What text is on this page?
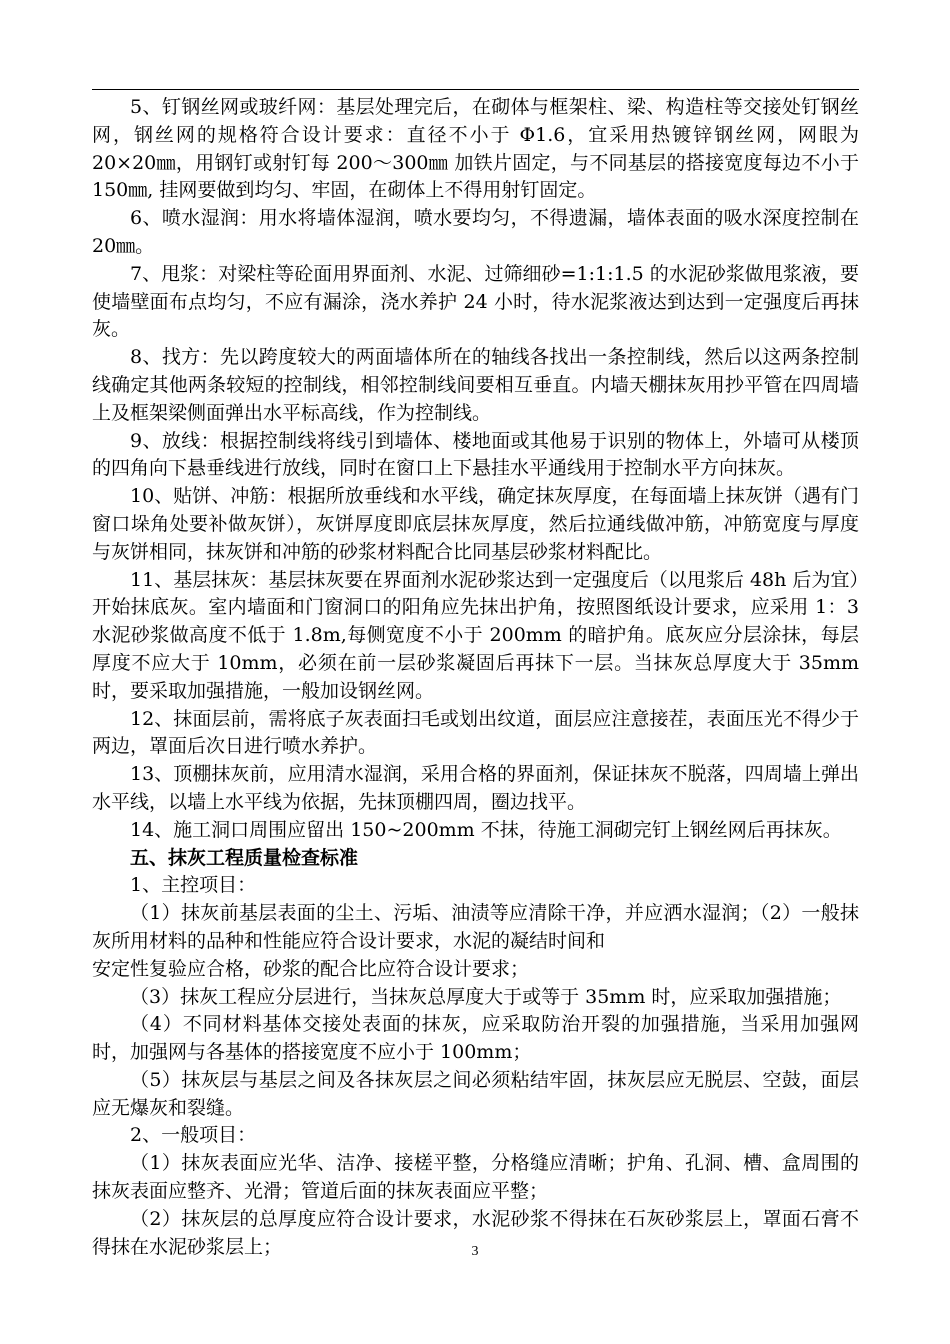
5、钉钢丝网或玻纤网：基层处理完后，在砌体与框架柱、梁、构造柱等交接处钉钢丝网，钢丝网的规格符合设计要求：直径不小于 Φ1.6，宜采用热镀锌钢丝网，网眼为 20×20㎜，用钢钉或射钉每 200～300㎜ 加铁片固定，与不同基层的搭接宽度每边不小于 150㎜, 挂网要做到均匀、牢固，在砌体上不得用射钉固定。

6、喷水湿润：用水将墙体湿润，喷水要均匀，不得遗漏，墙体表面的吸水深度控制在 20㎜。

7、甩浆：对梁柱等砼面用界面剂、水泥、过筛细砂=1:1:1.5 的水泥砂浆做甩浆液，要使墙壁面布点均匀，不应有漏涂，浇水养护 24 小时，待水泥浆液达到达到一定强度后再抹灰。

8、找方：先以跨度较大的两面墙体所在的轴线各找出一条控制线，然后以这两条控制线确定其他两条较短的控制线，相邻控制线间要相互垂直。内墙天棚抹灰用抄平管在四周墙上及框架梁侧面弹出水平标高线，作为控制线。

9、放线：根据控制线将线引到墙体、楼地面或其他易于识别的物体上，外墙可从楼顶的四角向下悬垂线进行放线，同时在窗口上下悬挂水平通线用于控制水平方向抹灰。

10、贴饼、冲筋：根据所放垂线和水平线，确定抹灰厚度，在每面墙上抹灰饼（遇有门窗口垛角处要补做灰饼），灰饼厚度即底层抹灰厚度，然后拉通线做冲筋，冲筋宽度与厚度与灰饼相同，抹灰饼和冲筋的砂浆材料配合比同基层砂浆材料配比。

11、基层抹灰：基层抹灰要在界面剂水泥砂浆达到一定强度后（以甩浆后 48h 后为宜）开始抹底灰。室内墙面和门窗洞口的阳角应先抹出护角，按照图纸设计要求，应采用 1：3 水泥砂浆做高度不低于 1.8m,每侧宽度不小于 200mm 的暗护角。底灰应分层涂抹，每层厚度不应大于 10mm，必须在前一层砂浆凝固后再抹下一层。当抹灰总厚度大于 35mm 时，要采取加强措施，一般加设钢丝网。

12、抹面层前，需将底子灰表面扫毛或划出纹道，面层应注意接茬，表面压光不得少于两边，罩面后次日进行喷水养护。

13、顶棚抹灰前，应用清水湿润，采用合格的界面剂，保证抹灰不脱落，四周墙上弹出水平线，以墙上水平线为依据，先抹顶棚四周，圈边找平。

14、施工洞口周围应留出 150~200mm 不抹，待施工洞砌完钉上钢丝网后再抹灰。

五、抹灰工程质量检查标准

1、主控项目：

（1）抹灰前基层表面的尘土、污垢、油渍等应清除干净，并应洒水湿润；（2）一般抹灰所用材料的品种和性能应符合设计要求，水泥的凝结时间和

安定性复验应合格，砂浆的配合比应符合设计要求；

（3）抹灰工程应分层进行，当抹灰总厚度大于或等于 35mm 时，应采取加强措施；

（4）不同材料基体交接处表面的抹灰，应采取防治开裂的加强措施，当采用加强网时，加强网与各基体的搭接宽度不应小于 100mm；

（5）抹灰层与基层之间及各抹灰层之间必须粘结牢固，抹灰层应无脱层、空鼓，面层应无爆灰和裂缝。

2、一般项目：

（1）抹灰表面应光华、洁净、接槎平整，分格缝应清晰；护角、孔洞、槽、盒周围的抹灰表面应整齐、光滑；管道后面的抹灰表面应平整；

（2）抹灰层的总厚度应符合设计要求，水泥砂浆不得抹在石灰砂浆层上，罩面石膏不得抹在水泥砂浆层上；	3
